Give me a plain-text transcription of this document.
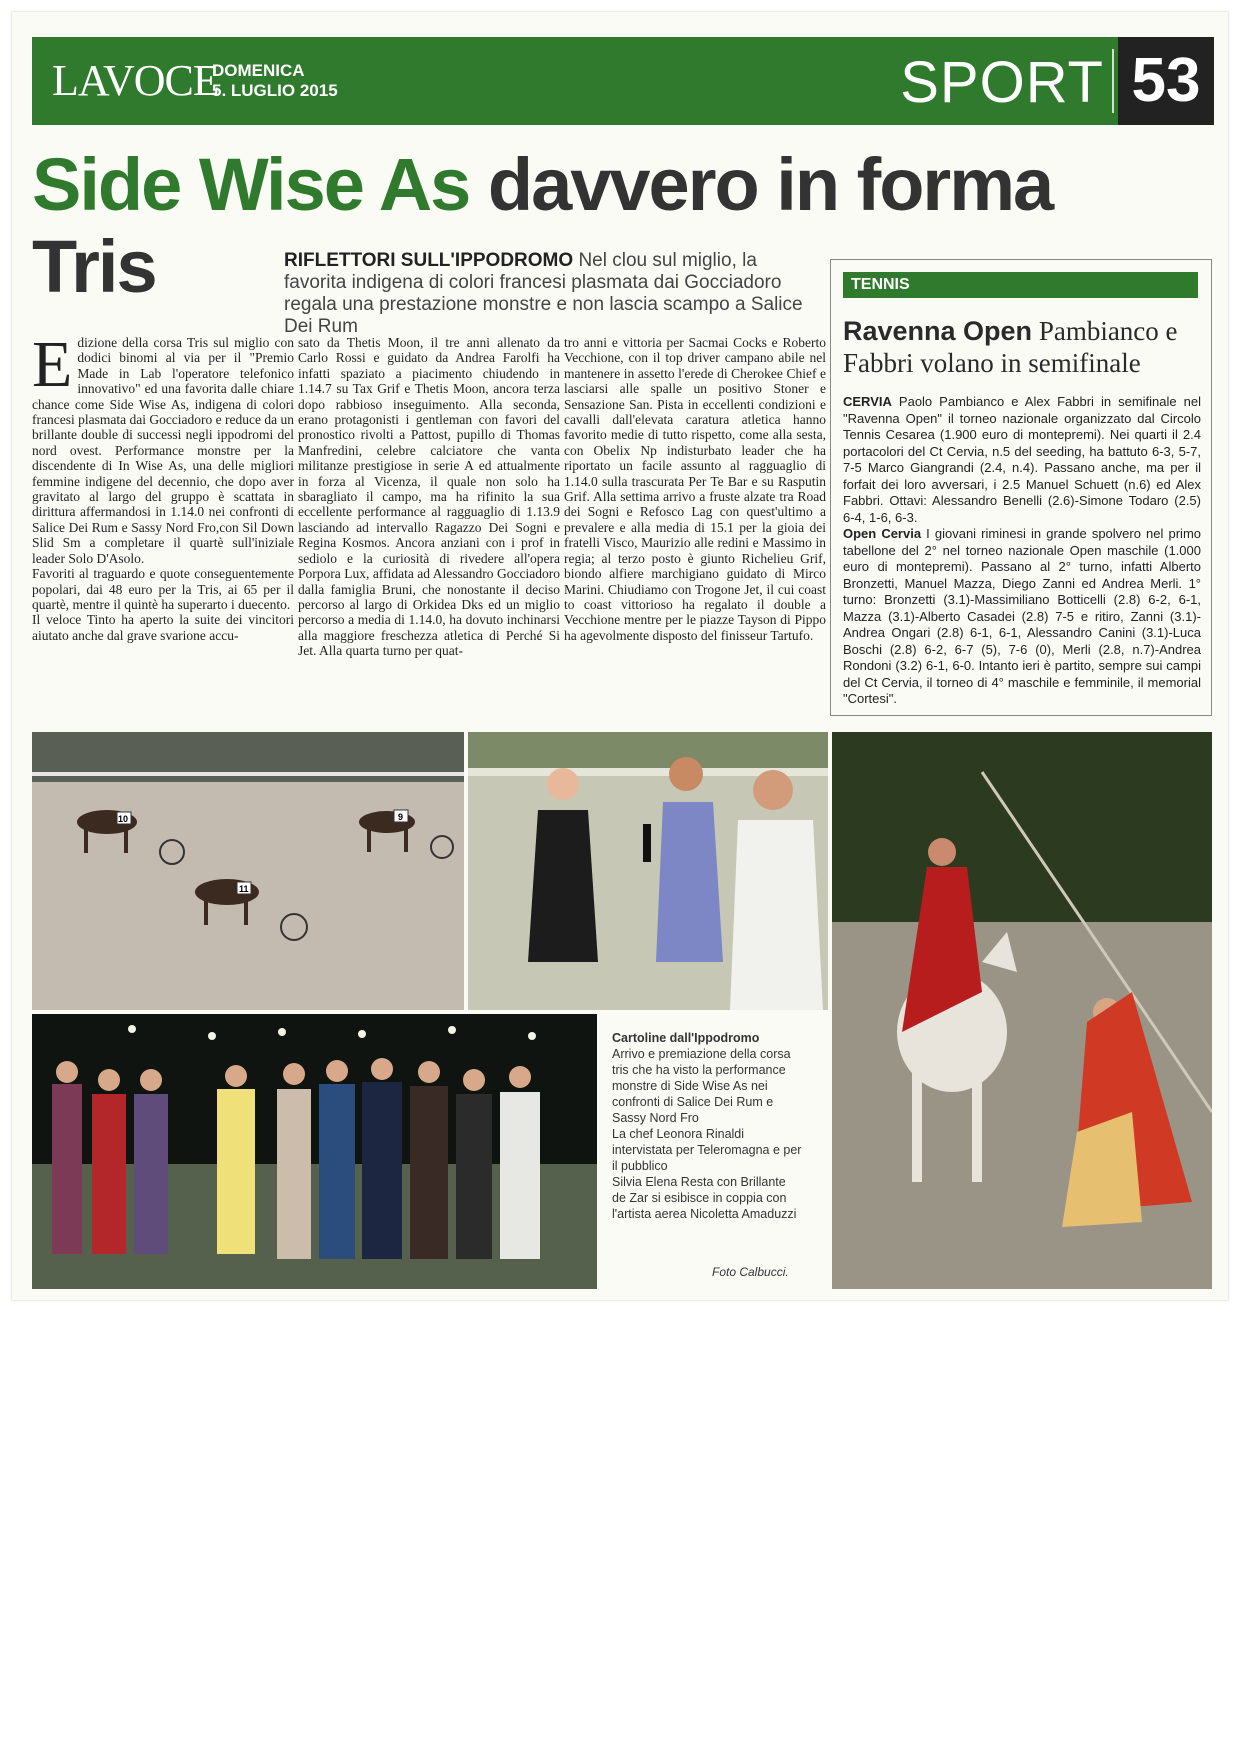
LAVOCE
DOMENICA
5. LUGLIO 2015	SPORT 53
Side Wise As davvero in forma
Tris	RIFLETTORI SULL'IPPODROMO Nel clou sul miglio, la favorita indigena di colori francesi plasmata dai Gocciadoro regala una prestazione monstre e non lascia scampo a Salice Dei Rum
E dizione della corsa Tris sul miglio con dodici binomi al via per il "Premio Made in Lab l'operatore telefonico innovativo" ed una favorita dalle chiare chance come Side Wise As, indigena di colori francesi plasmata dai Gocciadoro e reduce da un brillante double di successi negli ippodromi del nord ovest. Performance monstre per la discendente di In Wise As, una delle migliori femmine indigene del decennio, che dopo aver gravitato al largo del gruppo è scattata in dirittura affermandosi in 1.14.0 nei confronti di Salice Dei Rum e Sassy Nord Fro,con Sil Down Slid Sm a completare il quartè sull'iniziale leader Solo D'Asolo.

Favoriti al traguardo e quote conseguentemente popolari, dai 48 euro per la Tris, ai 65 per il quartè, mentre il quintè ha superarto i duecento.

Il veloce Tinto ha aperto la suite dei vincitori aiutato anche dal grave svarione accu-

sato da Thetis Moon, il tre anni allenato da Carlo Rossi e guidato da Andrea Farolfi ha infatti spaziato a piacimento chiudendo in 1.14.7 su Tax Grif e Thetis Moon, ancora terza dopo rabbioso inseguimento. Alla seconda, erano protagonisti i gentleman con favori del pronostico rivolti a Pattost, pupillo di Thomas Manfredini, celebre calciatore che vanta militanze prestigiose in serie A ed attualmente in forza al Vicenza, il quale non solo ha sbaragliato il campo, ma ha rifinito la sua eccellente performance al ragguaglio di 1.13.9 lasciando ad intervallo Ragazzo Dei Sogni e Regina Kosmos. Ancora anziani con i prof in sediolo e la curiosità di rivedere all'opera Porpora Lux, affidata ad Alessandro Gocciadoro dalla famiglia Bruni, che nonostante il deciso percorso al largo di Orkidea Dks ed un miglio percorso a media di 1.14.0, ha dovuto inchinarsi alla maggiore freschezza atletica di Perché Si Jet. Alla quarta turno per quat-

tro anni e vittoria per Sacmai Cocks e Roberto Vecchione, con il top driver campano abile nel mantenere in assetto l'erede di Cherokee Chief e lasciarsi alle spalle un positivo Stoner e Sensazione San. Pista in eccellenti condizioni e cavalli dall'elevata caratura atletica hanno favorito medie di tutto rispetto, come alla sesta, con Obelix Np indisturbato leader che ha riportato un facile assunto al ragguaglio di 1.14.0 sulla trascurata Per Te Bar e su Rasputin Grif. Alla settima arrivo a fruste alzate tra Road dei Sogni e Refosco Lag con quest'ultimo a prevalere e alla media di 15.1 per la gioia dei fratelli Visco, Maurizio alle redini e Massimo in regia; al terzo posto è giunto Richelieu Grif, biondo alfiere marchigiano guidato di Mirco Marini. Chiudiamo con Trogone Jet, il cui coast to coast vittorioso ha regalato il double a Vecchione mentre per le piazze Tayson di Pippo ha agevolmente disposto del finisseur Tartufo.

TENNIS
Ravenna Open Pambianco e Fabbri volano in semifinale

CERVIA Paolo Pambianco e Alex Fabbri in semifinale nel "Ravenna Open" il torneo nazionale organizzato dal Circolo Tennis Cesarea (1.900 euro di montepremi). Nei quarti il 2.4 portacolori del Ct Cervia, n.5 del seeding, ha battuto 6-3, 5-7, 7-5 Marco Giangrandi (2.4, n.4). Passano anche, ma per il forfait dei loro avversari, i 2.5 Manuel Schuett (n.6) ed Alex Fabbri. Ottavi: Alessandro Benelli (2.6)-Simone Todaro (2.5) 6-4, 1-6, 6-3.

Open Cervia I giovani riminesi in grande spolvero nel primo tabellone del 2° nel torneo nazionale Open maschile (1.000 euro di montepremi). Passano al 2° turno, infatti Alberto Bronzetti, Manuel Mazza, Diego Zanni ed Andrea Merli. 1° turno: Bronzetti (3.1)-Massimiliano Botticelli (2.8) 6-2, 6-1, Mazza (3.1)-Alberto Casadei (2.8) 7-5 e ritiro, Zanni (3.1)-Andrea Ongari (2.8) 6-1, 6-1, Alessandro Canini (3.1)-Luca Boschi (2.8) 6-2, 6-7 (5), 7-6 (0), Merli (2.8, n.7)-Andrea Rondoni (3.2) 6-1, 6-0. Intanto ieri è partito, sempre sui campi del Ct Cervia, il torneo di 4° maschile e femminile, il memorial "Cortesi".

10	9
11
Cartoline dall'Ippodromo
Arrivo e premiazione della corsa tris che ha visto la performance monstre di Side Wise As nei confronti di Salice Dei Rum e Sassy Nord Fro
La chef Leonora Rinaldi intervistata per Teleromagna e per il pubblico
Silvia Elena Resta con Brillante de Zar si esibisce in coppia con l'artista aerea Nicoletta Amaduzzi
Foto Calbucci.
